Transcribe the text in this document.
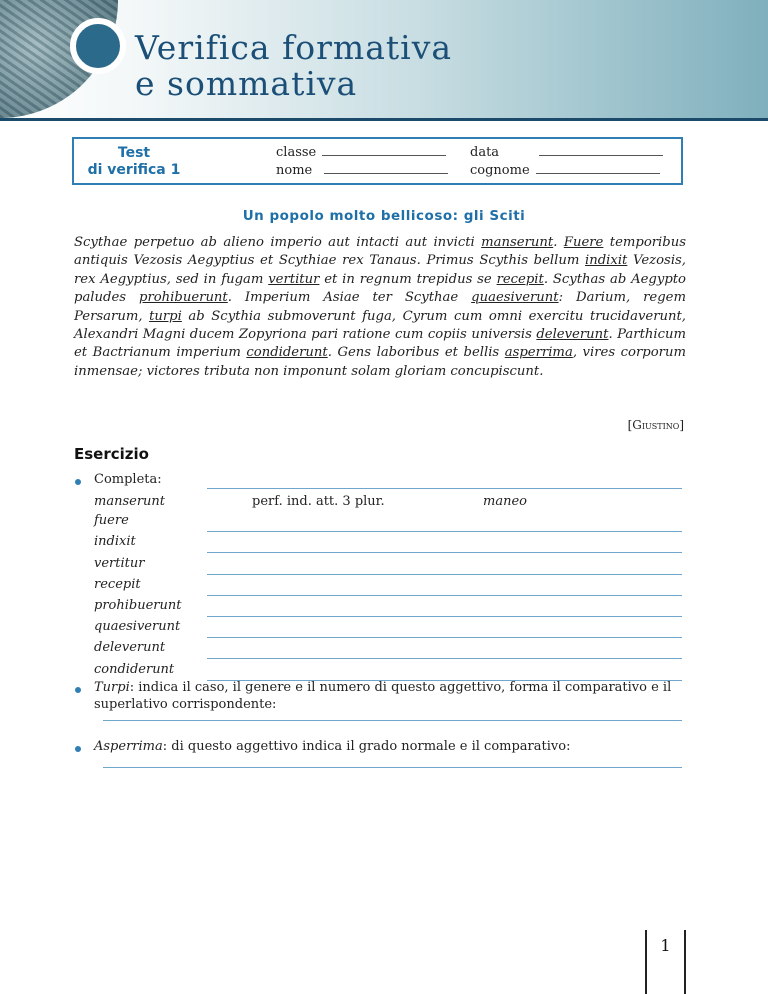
Verifica formativa
e sommativa
Test
di verifica 1
classe	data
nome	cognome
Un popolo molto bellicoso: gli Sciti
Scythae perpetuo ab alieno imperio aut intacti aut invicti manserunt. Fuere temporibus antiquis Vezosis Aegyptius et Scythiae rex Tanaus. Primus Scythis bellum indixit Vezosis, rex Aegyptius, sed in fugam vertitur et in regnum trepidus se recepit. Scythas ab Aegypto paludes prohibuerunt. Imperium Asiae ter Scythae quaesiverunt: Darium, regem Persarum, turpi ab Scythia submoverunt fuga, Cyrum cum omni exercitu trucidaverunt, Alexandri Magni ducem Zopyriona pari ratione cum copiis universis deleverunt. Parthicum et Bactrianum imperium condiderunt. Gens laboribus et bellis asperrima, vires corporum inmensae; victores tributa non imponunt solam gloriam concupiscunt.
[Giustino]
Esercizio
Completa:
manserunt	perf. ind. att. 3 plur.	maneo
fuere
indixit
vertitur
recepit
prohibuerunt
quaesiverunt
deleverunt
condiderunt
Turpi: indica il caso, il genere e il numero di questo aggettivo, forma il comparativo e il superlativo corrispondente:
Asperrima: di questo aggettivo indica il grado normale e il comparativo:
1
